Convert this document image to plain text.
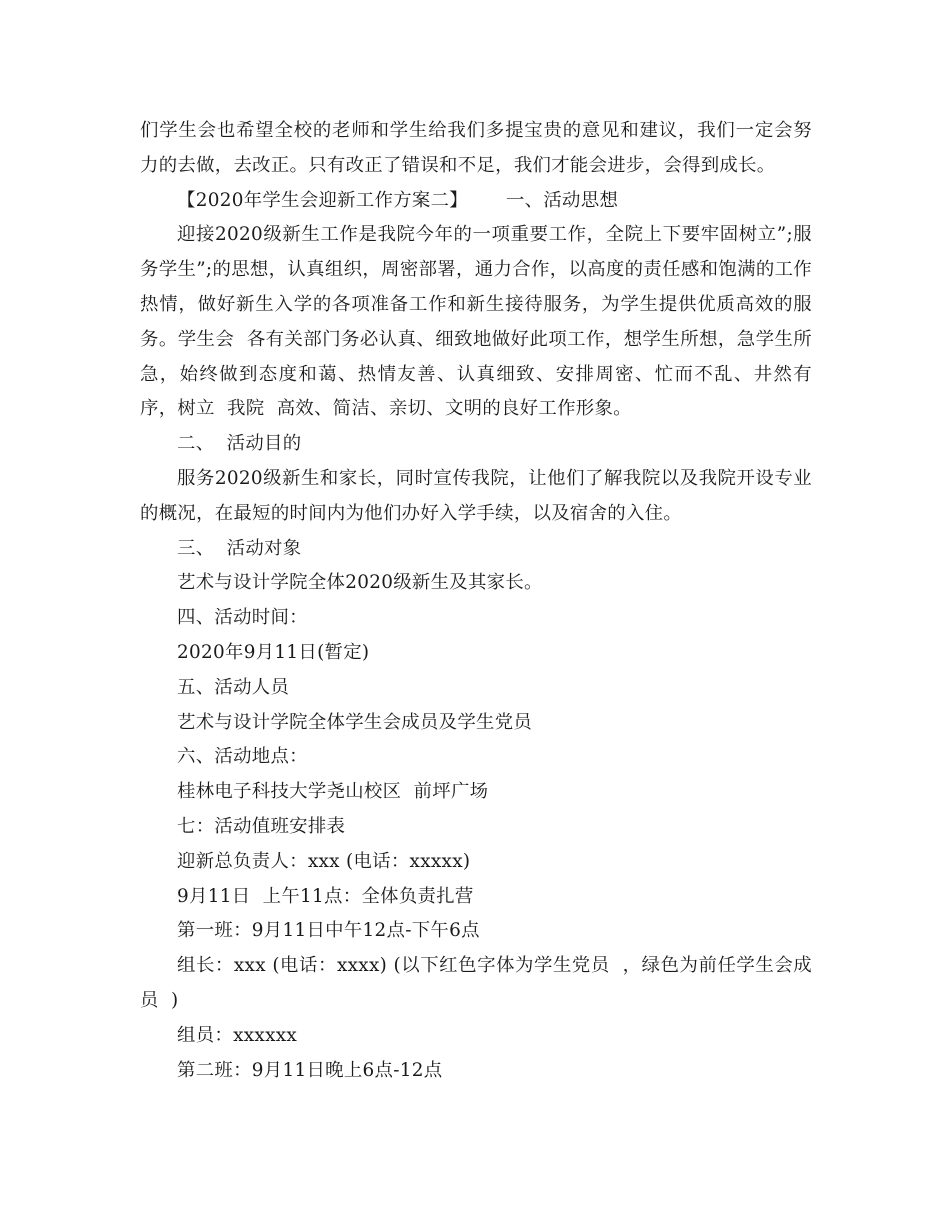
们学生会也希望全校的老师和学生给我们多提宝贵的意见和建议，我们一定会努力的去做，去改正。只有改正了错误和不足，我们才能会进步，会得到成长。

【2020年学生会迎新工作方案二】 一、活动思想

迎接2020级新生工作是我院今年的一项重要工作，全院上下要牢固树立”;服务学生”;的思想，认真组织，周密部署，通力合作，以高度的责任感和饱满的工作热情，做好新生入学的各项准备工作和新生接待服务，为学生提供优质高效的服务。学生会  各有关部门务必认真、细致地做好此项工作，想学生所想，急学生所急，始终做到态度和蔼、热情友善、认真细致、安排周密、忙而不乱、井然有序，树立  我院  高效、简洁、亲切、文明的良好工作形象。

二、  活动目的

服务2020级新生和家长，同时宣传我院，让他们了解我院以及我院开设专业的概况，在最短的时间内为他们办好入学手续，以及宿舍的入住。

三、  活动对象

艺术与设计学院全体2020级新生及其家长。

四、活动时间：

2020年9月11日(暂定)

五、活动人员

艺术与设计学院全体学生会成员及学生党员

六、活动地点：

桂林电子科技大学尧山校区  前坪广场

七：活动值班安排表

迎新总负责人：xxx (电话：xxxxx)

9月11日  上午11点：全体负责扎营

第一班：9月11日中午12点-下午6点

组长：xxx (电话：xxxx) (以下红色字体为学生党员  ，绿色为前任学生会成员  )

组员：xxxxxx

第二班：9月11日晚上6点-12点
